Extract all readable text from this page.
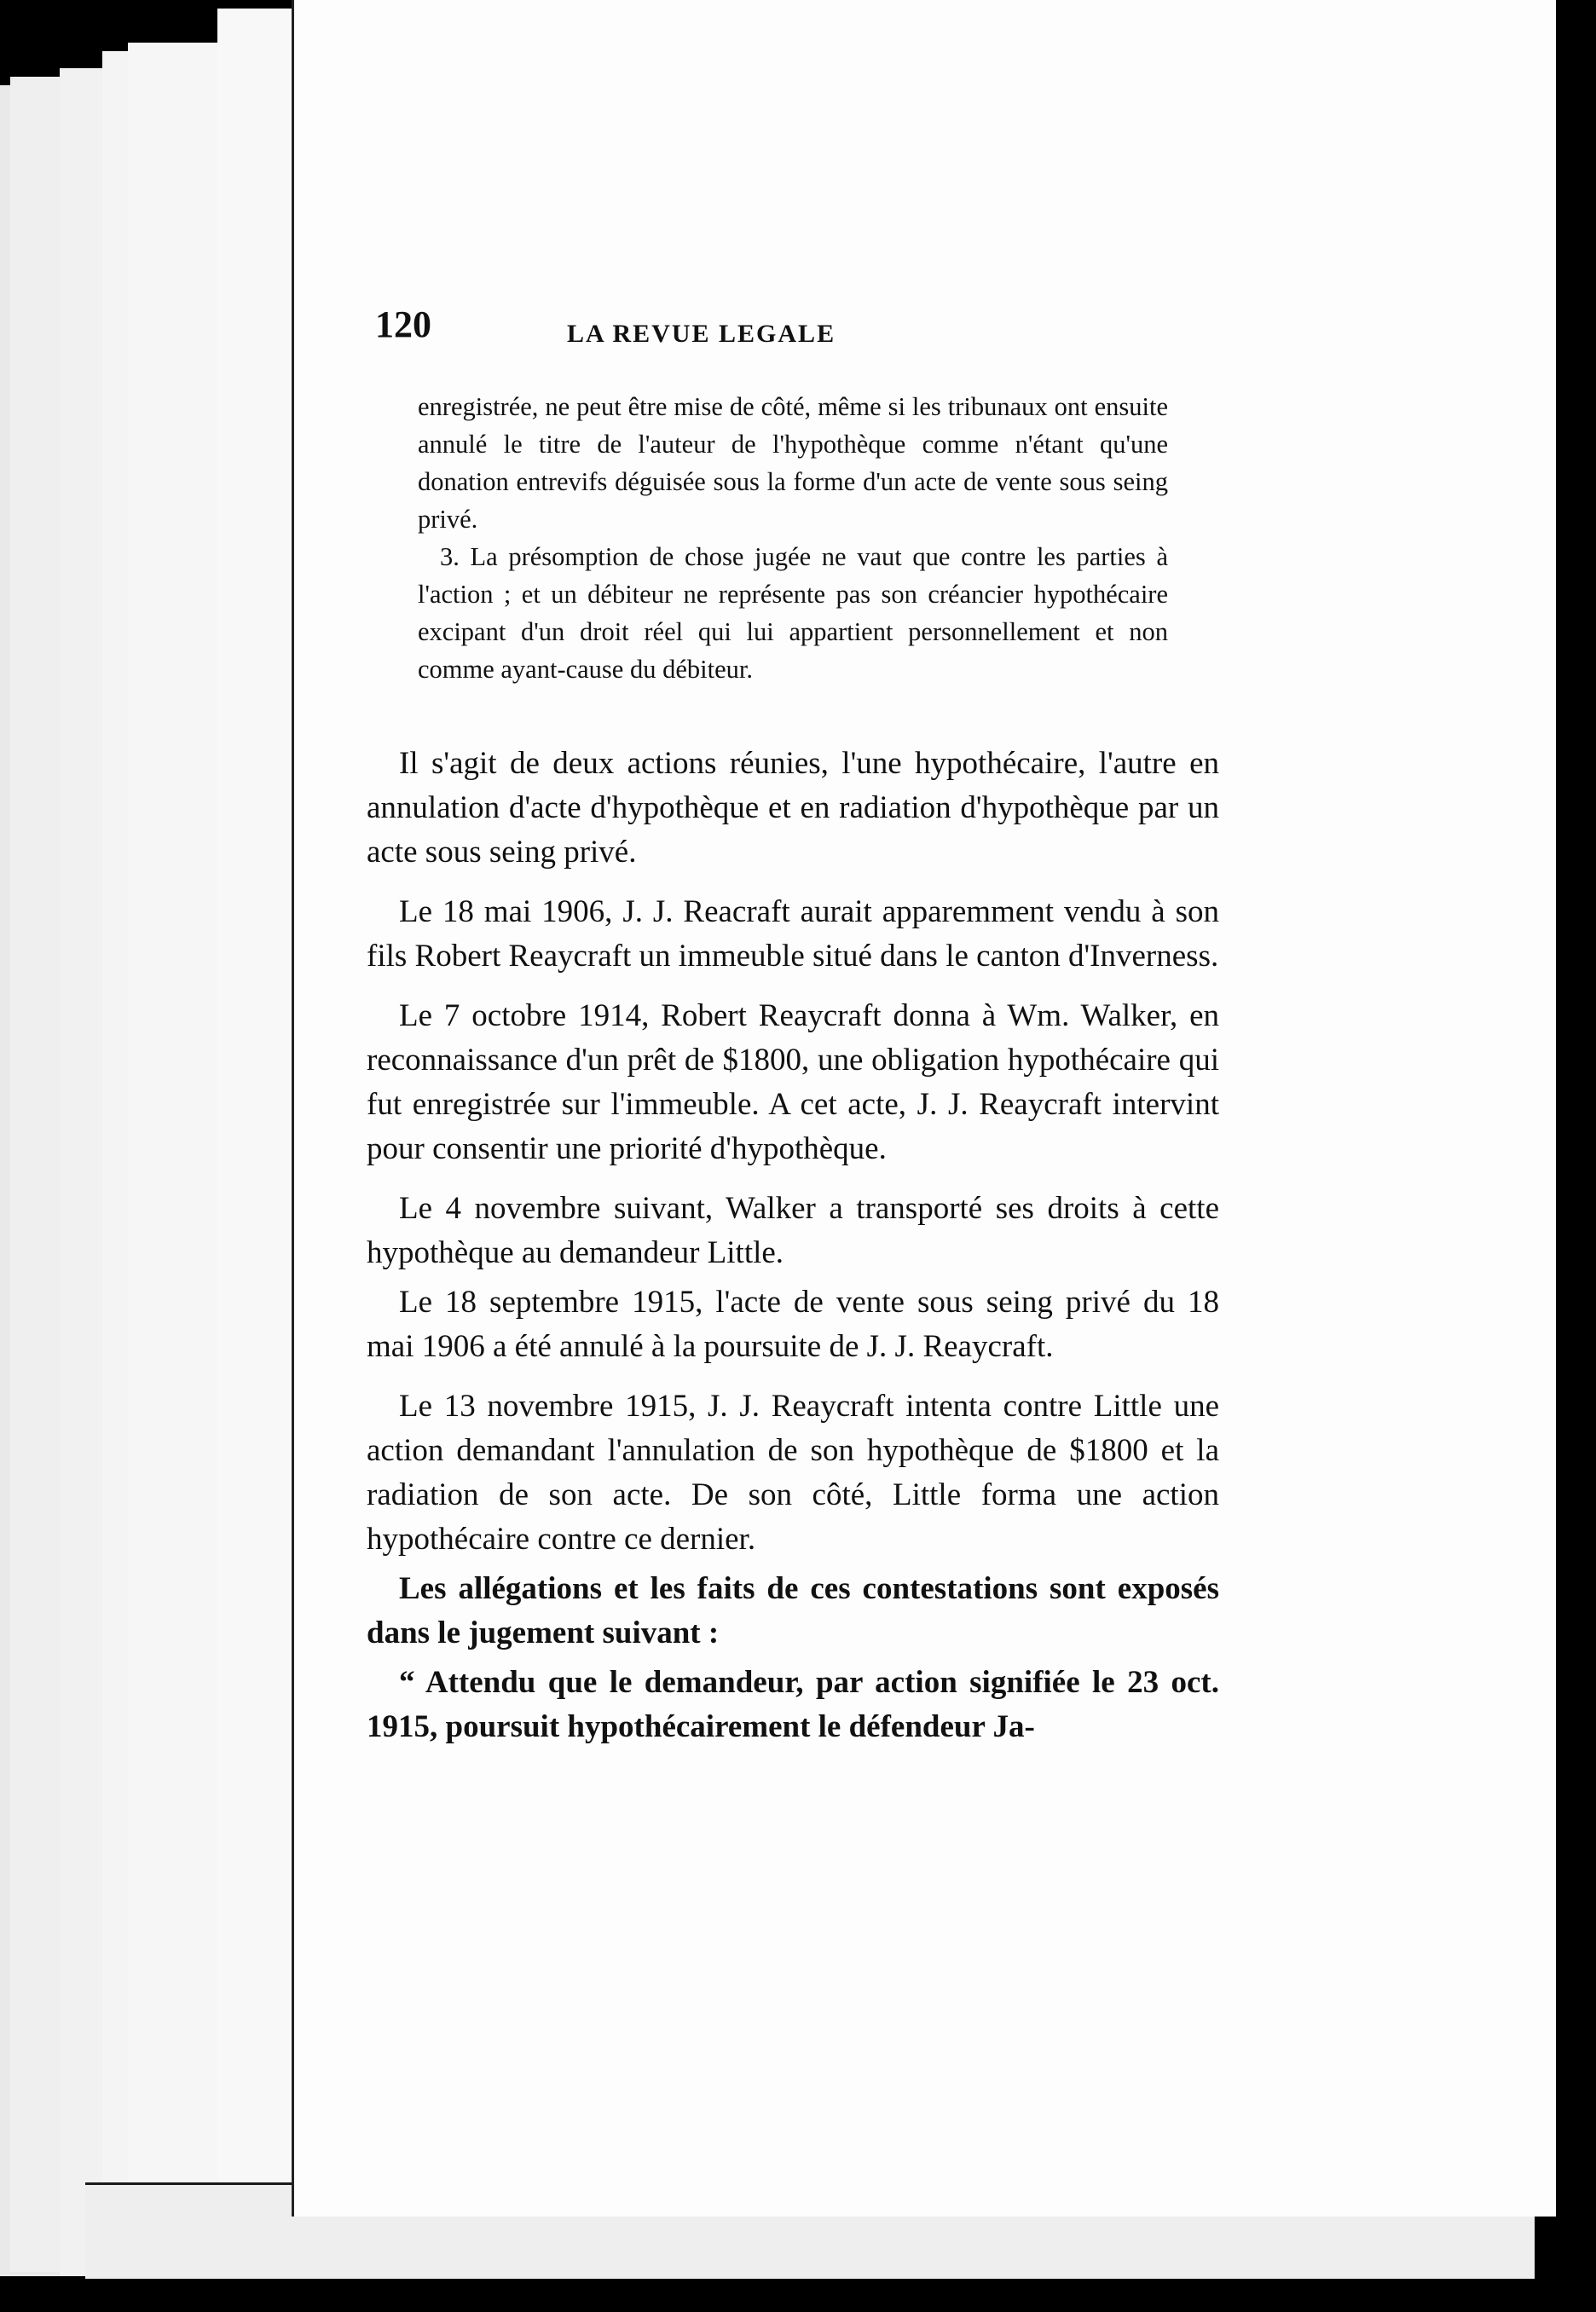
120	LA REVUE LEGALE

enregistrée, ne peut être mise de côté, même si les tribunaux ont ensuite annulé le titre de l'auteur de l'hypothèque comme n'étant qu'une donation entrevifs déguisée sous la forme d'un acte de vente sous seing privé.

3. La présomption de chose jugée ne vaut que contre les parties à l'action ; et un débiteur ne représente pas son créancier hypothécaire excipant d'un droit réel qui lui appartient personnellement et non comme ayant-cause du débiteur.

Il s'agit de deux actions réunies, l'une hypothécaire, l'autre en annulation d'acte d'hypothèque et en radiation d'hypothèque par un acte sous seing privé.

Le 18 mai 1906, J. J. Reacraft aurait apparemment vendu à son fils Robert Reaycraft un immeuble situé dans le canton d'Inverness.

Le 7 octobre 1914, Robert Reaycraft donna à Wm. Walker, en reconnaissance d'un prêt de $1800, une obligation hypothécaire qui fut enregistrée sur l'immeuble. A cet acte, J. J. Reaycraft intervint pour consentir une priorité d'hypothèque.

Le 4 novembre suivant, Walker a transporté ses droits à cette hypothèque au demandeur Little.

Le 18 septembre 1915, l'acte de vente sous seing privé du 18 mai 1906 a été annulé à la poursuite de J. J. Reaycraft.

Le 13 novembre 1915, J. J. Reaycraft intenta contre Little une action demandant l'annulation de son hypothèque de $1800 et la radiation de son acte. De son côté, Little forma une action hypothécaire contre ce dernier.

Les allégations et les faits de ces contestations sont exposés dans le jugement suivant :

“ Attendu que le demandeur, par action signifiée le 23 oct. 1915, poursuit hypothécairement le défendeur Ja-
